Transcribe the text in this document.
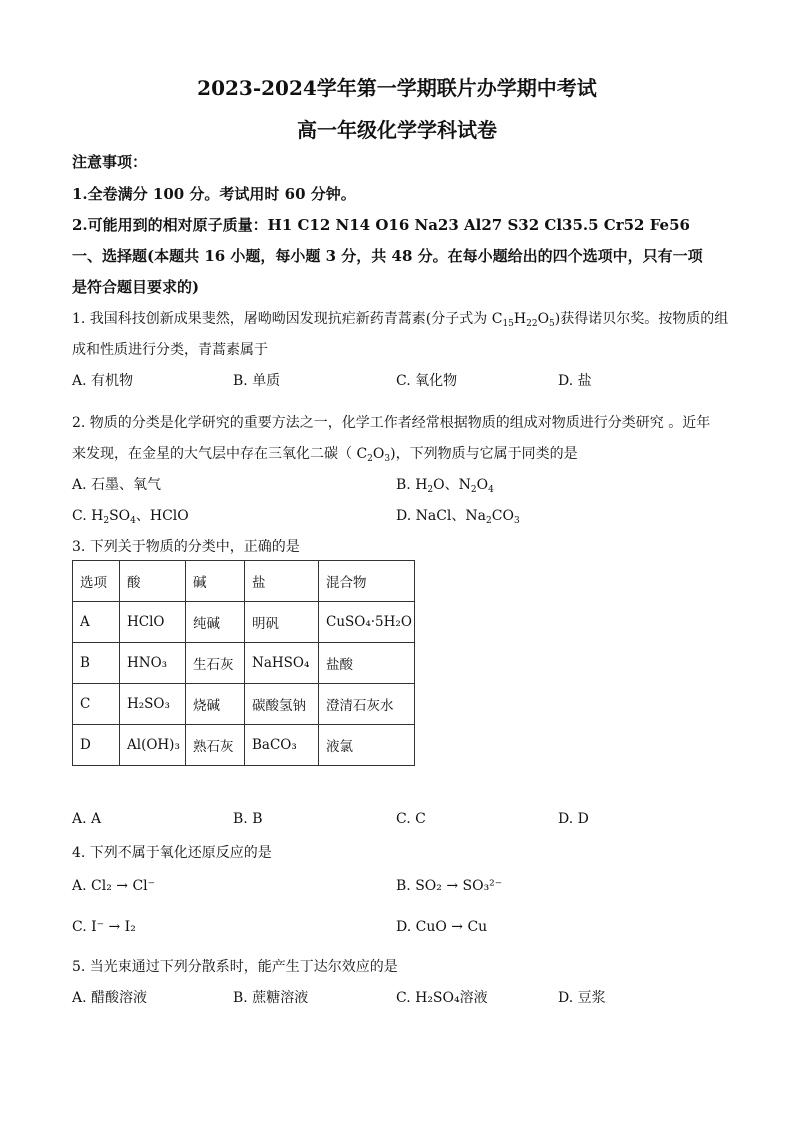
2023-2024学年第一学期联片办学期中考试
高一年级化学学科试卷
注意事项：
1.全卷满分 100 分。考试用时 60 分钟。
2.可能用到的相对原子质量：H1 C12 N14 O16 Na23 Al27 S32 Cl35.5 Cr52 Fe56
一、选择题(本题共 16 小题，每小题 3 分，共 48 分。在每小题给出的四个选项中，只有一项
是符合题目要求的)
1. 我国科技创新成果斐然，屠呦呦因发现抗疟新药青蒿素(分子式为 $C_{15}H_{22}O_5$)获得诺贝尔奖。按物质的组
成和性质进行分类，青蒿素属于
A. 有机物	B. 单质	C. 氧化物	D. 盐
2. 物质的分类是化学研究的重要方法之一，化学工作者经常根据物质的组成对物质进行分类研究 。近年
来发现，在金星的大气层中存在三氧化二碳（ $C_2O_3$)，下列物质与它属于同类的是
A. 石墨、氧气	B. $H_2O$、$N_2O_4$
C. $H_2SO_4$、HClO	D. NaCl、$Na_2CO_3$
3. 下列关于物质的分类中，正确的是
选项	酸	碱	盐	混合物
A	HClO	纯碱	明矾	CuSO₄·5H₂O
B	HNO₃	生石灰	NaHSO₄	盐酸
C	H₂SO₃	烧碱	碳酸氢钠	澄清石灰水
D	Al(OH)₃	熟石灰	BaCO₃	液氯
A. A	B. B	C. C	D. D
4. 下列不属于氧化还原反应的是
A. Cl₂ → Cl⁻	B. SO₂ → SO₃²⁻
C. I⁻ → I₂	D. CuO → Cu
5. 当光束通过下列分散系时，能产生丁达尔效应的是
A. 醋酸溶液	B. 蔗糖溶液	C. H₂SO₄溶液	D. 豆浆
